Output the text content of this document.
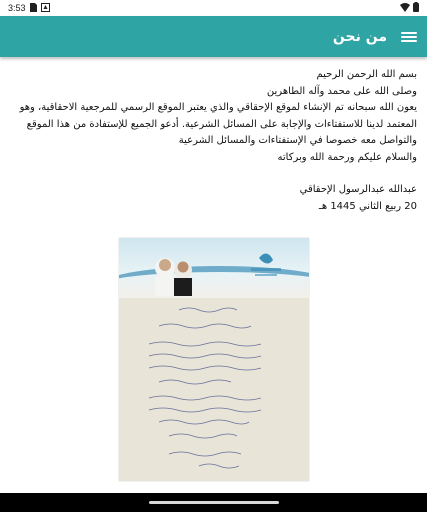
3:53
من نحن
بسم الله الرحمن الرحيم
وصلى الله على محمد وآله الطاهرين
يعون الله سبحانه تم الإنشاء لموقع الإحقاقي والذي يعتبر الموقع الرسمي للمرجعية الاحقاقية، وهو
المعتمد لدينا للاستفتاءات والإجابة على المسائل الشرعية. أدعو الجميع للإستفادة من هذا الموقع
والتواصل معه خصوصا في الإستفتاءات والمسائل الشرعية
والسلام عليكم ورحمة الله وبركاته
عبدالله عبدالرسول الإحقاقي
20 ربيع الثاني 1445 هـ
